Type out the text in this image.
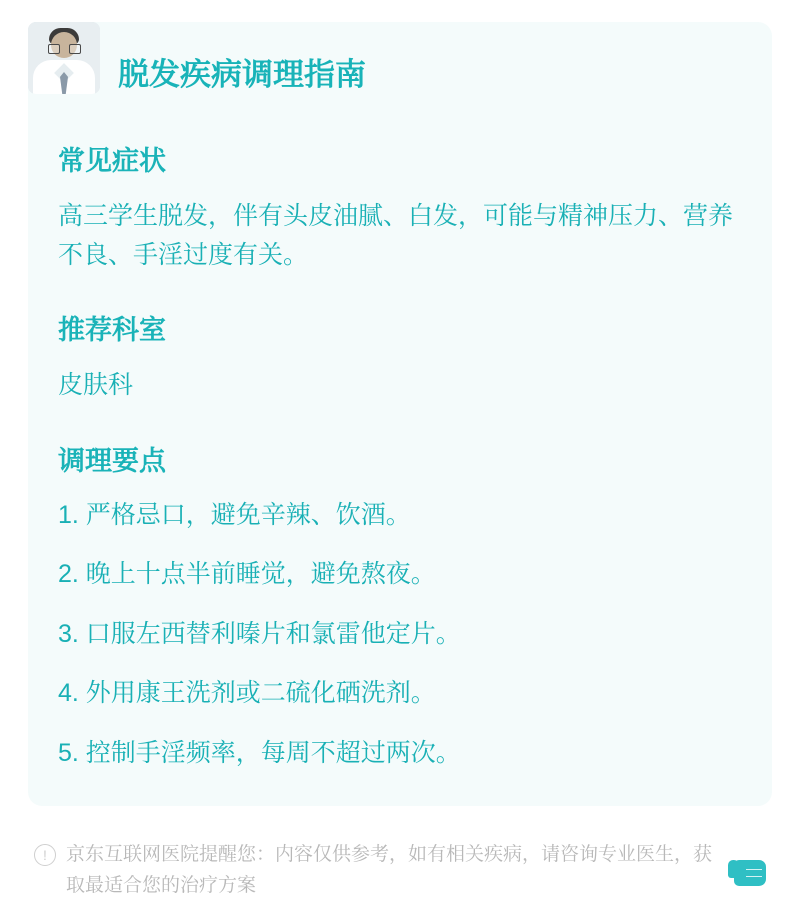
脱发疾病调理指南
常见症状

高三学生脱发，伴有头皮油腻、白发，可能与精神压力、营养不良、手淫过度有关。

推荐科室

皮肤科

调理要点
1. 严格忌口，避免辛辣、饮酒。
2. 晚上十点半前睡觉，避免熬夜。
3. 口服左西替利嗪片和氯雷他定片。
4. 外用康王洗剂或二硫化硒洗剂。
5. 控制手淫频率，每周不超过两次。
!	京东互联网医院提醒您：内容仅供参考，如有相关疾病，请咨询专业医生，获取最适合您的治疗方案
